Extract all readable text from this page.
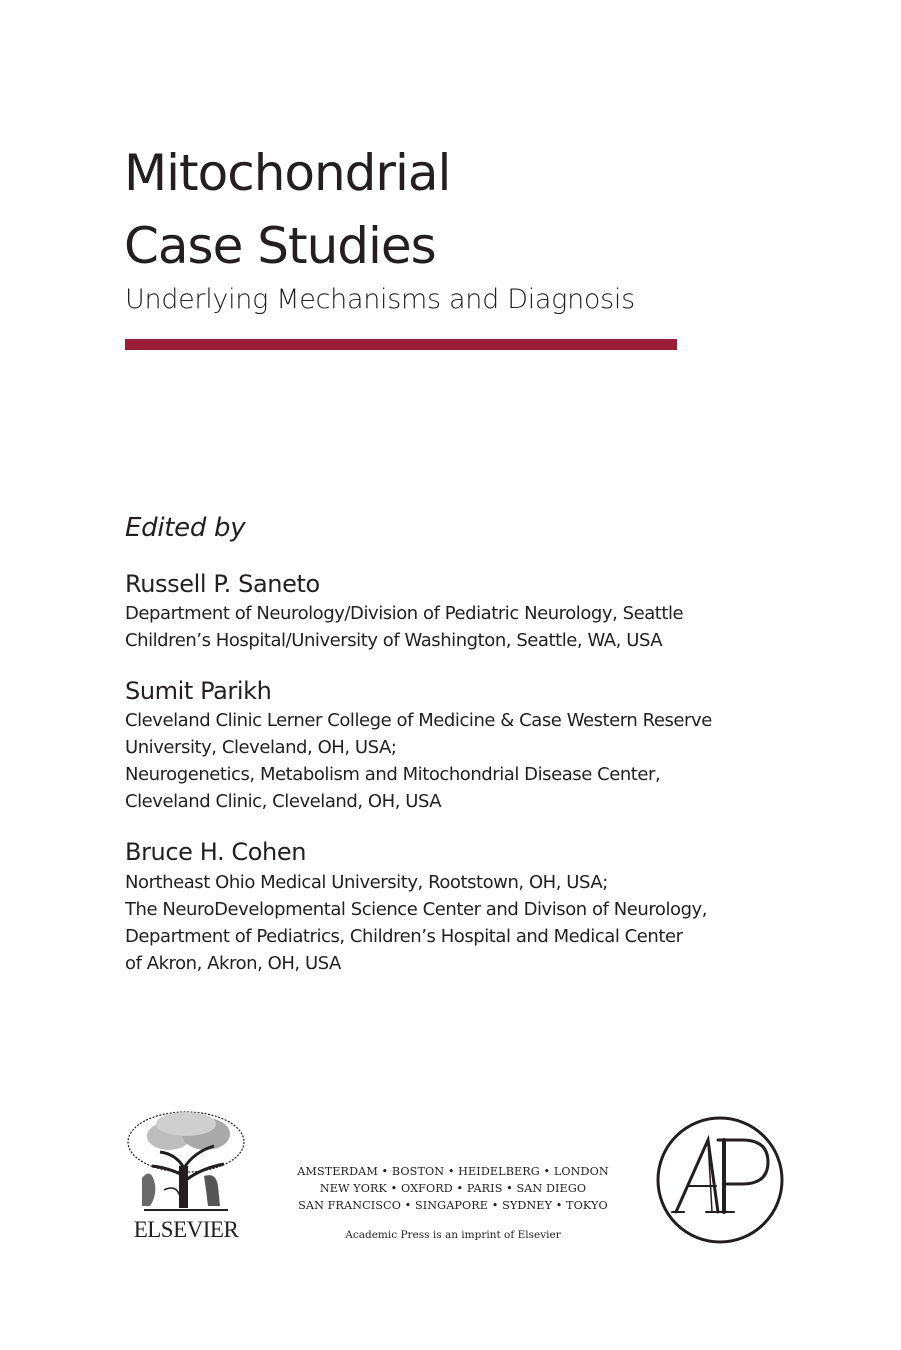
Mitochondrial
Case Studies
Underlying Mechanisms and Diagnosis
Edited by
Russell P. Saneto
Department of Neurology/Division of Pediatric Neurology, Seattle
Children’s Hospital/University of Washington, Seattle, WA, USA
Sumit Parikh
Cleveland Clinic Lerner College of Medicine & Case Western Reserve
University, Cleveland, OH, USA;
Neurogenetics, Metabolism and Mitochondrial Disease Center,
Cleveland Clinic, Cleveland, OH, USA
Bruce H. Cohen
Northeast Ohio Medical University, Rootstown, OH, USA;
The NeuroDevelopmental Science Center and Divison of Neurology,
Department of Pediatrics, Children’s Hospital and Medical Center
of Akron, Akron, OH, USA
ELSEVIER
AMSTERDAM • BOSTON • HEIDELBERG • LONDON
NEW YORK • OXFORD • PARIS • SAN DIEGO
SAN FRANCISCO • SINGAPORE • SYDNEY • TOKYO
Academic Press is an imprint of Elsevier
